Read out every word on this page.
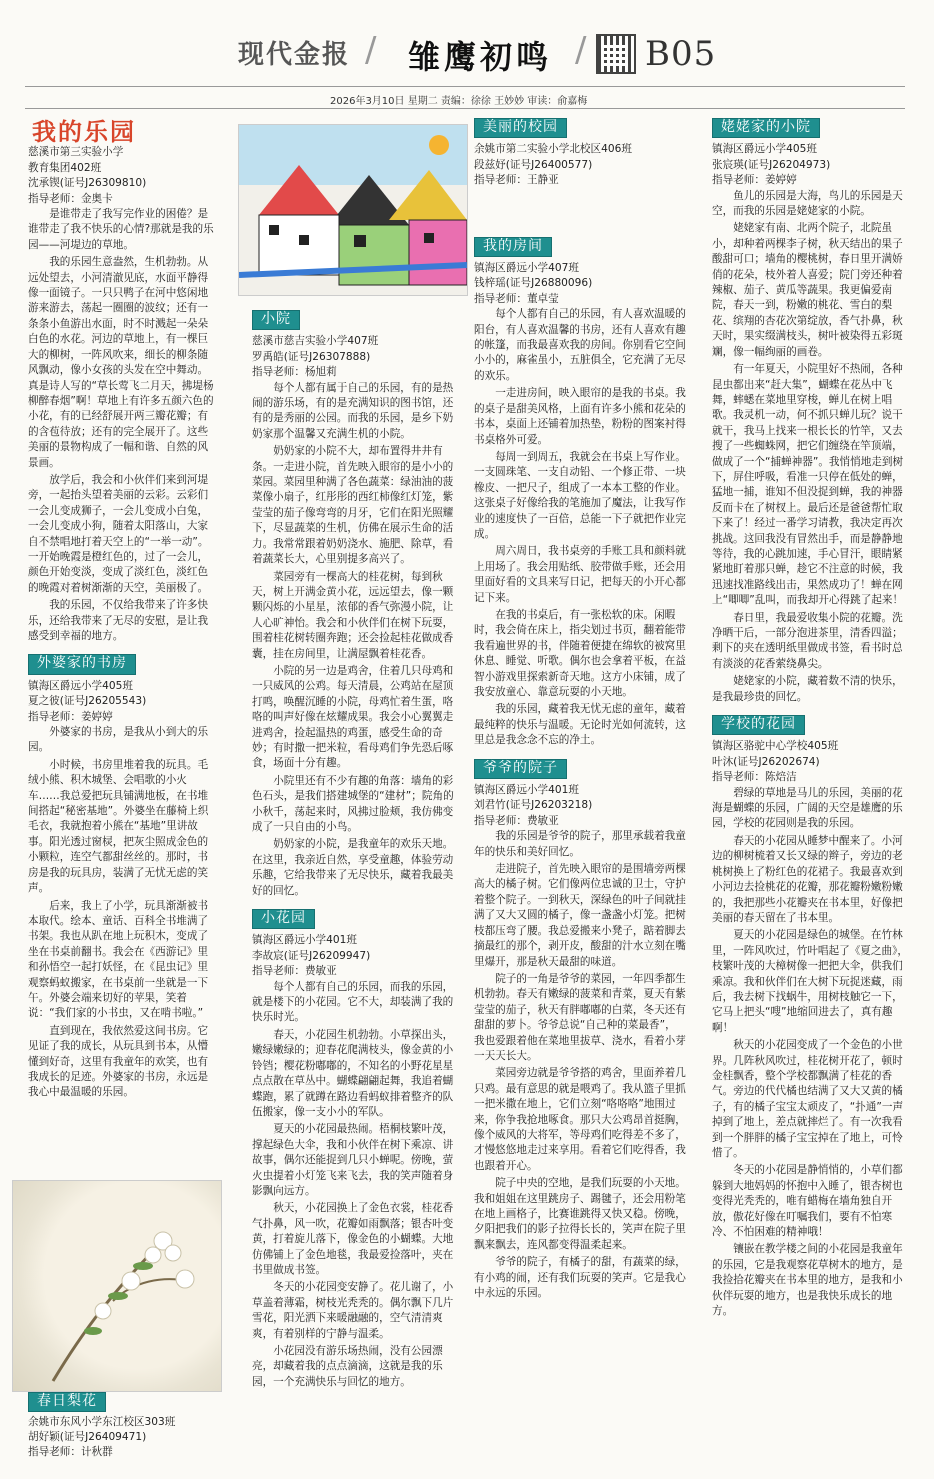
现代金报 / 雏鹰初鸣 / B05
2026年3月10日 星期二 责编：徐徐 王妙妙 审读：俞嘉梅
我的乐园
慈溪市第三实验小学
教育集团402班
沈承锲(证号J26309810)
指导老师：金奥卡

是谁带走了我写完作业的困倦？是谁带走了我不快乐的心情?那就是我的乐园——河堤边的草地。

我的乐园生意盎然，生机勃勃。从远处望去，小河清澈见底，水面平静得像一面镜子。一只只鸭子在河中悠闲地游来游去，荡起一圈圈的波纹；还有一条条小鱼游出水面，时不时溅起一朵朵白色的水花。河边的草地上，有一棵巨大的柳树，一阵风吹来，细长的柳条随风飘动，像小女孩的头发在空中舞动。真是诗人写的“草长莺飞二月天，拂堤杨柳醉春烟”啊！草地上有许多五颜六色的小花，有的已经舒展开两三瓣花瓣；有的含苞待放；还有的完全展开了。这些美丽的景物构成了一幅和谐、自然的风景画。

放学后，我会和小伙伴们来到河堤旁，一起抬头望着美丽的云彩。云彩们一会儿变成狮子，一会儿变成小白兔，一会儿变成小狗，随着太阳落山，大家自不禁唱地打着天空上的“一举一动”。一开始晚霞是橙红色的，过了一会儿，颜色开始变淡，变成了淡红色，淡红色的晚霞对着树渐渐的天空，美丽极了。

我的乐园，不仅给我带来了许多快乐，还给我带来了无尽的安慰，是让我感受到幸福的地方。

外婆家的书房
镇海区爵远小学405班
夏之彼(证号J26205543)
指导老师：姜婷婷

外婆家的书房，是我从小到大的乐园。

小时候，书房里堆着我的玩具。毛绒小熊、积木城堡、会唱歌的小火车……我总爱把玩具铺满地板，在书堆间搭起“秘密基地”。外婆坐在藤椅上织毛衣，我就抱着小熊在“基地”里讲故事。阳光透过窗棂，把灰尘照成金色的小颗粒，连空气都甜丝丝的。那时，书房是我的玩具房，装满了无忧无虑的笑声。

后来，我上了小学，玩具渐渐被书本取代。绘本、童话、百科全书堆满了书架。我也从趴在地上玩积木，变成了坐在书桌前翻书。我会在《西游记》里和孙悟空一起打妖怪，在《昆虫记》里观察蚂蚁搬家，在书桌前一坐就是一下午。外婆会端来切好的苹果，笑着说：“我们家的小书虫，又在啃书啦。”

直到现在，我依然爱这间书房。它见证了我的成长，从玩具到书本，从懵懂到好奇，这里有我童年的欢笑，也有我成长的足迹。外婆家的书房，永远是我心中最温暖的乐园。

春日梨花
余姚市东风小学东江校区303班
胡好颖(证号J26409471)
指导老师：计秋群
小院
慈溪市慈吉实验小学407班
罗禹皓(证号J26307888)
指导老师：杨旭莉

每个人都有属于自己的乐园，有的是热闹的游乐场，有的是充满知识的图书馆，还有的是秀丽的公园。而我的乐园，是乡下奶奶家那个温馨又充满生机的小院。

奶奶家的小院不大，却布置得井井有条。一走进小院，首先映入眼帘的是小小的菜园。菜园里种满了各色蔬菜：绿油油的菠菜像小扇子，红彤彤的西红柿像红灯笼，紫莹莹的茄子像弯弯的月牙，它们在阳光照耀下，尽显蔬菜的生机，仿佛在展示生命的活力。我常常跟着奶奶浇水、施肥、除草，看着蔬菜长大，心里别提多高兴了。

菜园旁有一棵高大的桂花树，每到秋天，树上开满金黄小花，远远望去，像一颗颗闪烁的小星星，浓郁的香气弥漫小院，让人心旷神怡。我会和小伙伴们在树下玩耍，围着桂花树转圈奔跑；还会捡起桂花做成香囊，挂在房间里，让满屋飘着桂花香。

小院的另一边是鸡舍，住着几只母鸡和一只威风的公鸡。每天清晨，公鸡站在屋顶打鸣，唤醒沉睡的小院，母鸡忙着生蛋，咯咯的叫声好像在炫耀成果。我会小心翼翼走进鸡舍，捡起温热的鸡蛋，感受生命的奇妙；有时撒一把米粒，看母鸡们争先恐后啄食，场面十分有趣。

小院里还有不少有趣的角落：墙角的彩色石头，是我们搭建城堡的“建材”；院角的小秋千，荡起来时，风拂过脸颊，我仿佛变成了一只自由的小鸟。

奶奶家的小院，是我童年的欢乐天地。在这里，我亲近自然，享受童趣，体验劳动乐趣，它给我带来了无尽快乐，藏着我最美好的回忆。

小花园
镇海区爵远小学401班
李故宸(证号J26209947)
指导老师：费敏亚

每个人都有自己的乐园，而我的乐园，就是楼下的小花园。它不大，却装满了我的快乐时光。

春天，小花园生机勃勃。小草探出头，嫩绿嫩绿的；迎春花爬满枝头，像金黄的小铃铛；樱花粉嘟嘟的，不知名的小野花星星点点散在草丛中。蝴蝶翩翩起舞，我追着蝴蝶跑，累了就蹲在路边看蚂蚁排着整齐的队伍搬家，像一支小小的军队。

夏天的小花园最热闹。梧桐枝繁叶茂，撑起绿色大伞，我和小伙伴在树下乘凉、讲故事，偶尔还能捉到几只小蝉呢。傍晚，萤火虫提着小灯笼飞来飞去，我的笑声随着身影飘向远方。

秋天，小花园换上了金色衣裳，桂花香气扑鼻，风一吹，花瓣如雨飘落；银杏叶变黄，打着旋儿落下，像金色的小蝴蝶。大地仿佛铺上了金色地毯，我最爱捡落叶，夹在书里做成书签。

冬天的小花园变安静了。花儿谢了，小草盖着薄霜，树枝光秃秃的。偶尔飘下几片雪花，阳光洒下来暖融融的，空气清清爽爽，有着别样的宁静与温柔。

小花园没有游乐场热闹，没有公园漂亮，却藏着我的点点滴滴，这就是我的乐园，一个充满快乐与回忆的地方。

美丽的校园
余姚市第二实验小学北校区406班
段兹妤(证号J26400577)
指导老师：王静亚
我的房间
镇海区爵远小学407班
钱梓瑶(证号J26880096)
指导老师：董卓莹

每个人都有自己的乐园，有人喜欢温暖的阳台，有人喜欢温馨的书房，还有人喜欢有趣的帐篷，而我最喜欢我的房间。你别看它空间小小的，麻雀虽小，五脏俱全，它充满了无尽的欢乐。

一走进房间，映入眼帘的是我的书桌。我的桌子是甜美风格，上面有许多小熊和花朵的书本，桌面上还铺着加热垫，粉粉的图案衬得书桌格外可爱。

每周一到周五，我就会在书桌上写作业。一支圆珠笔、一支自动铅、一个修正带、一块橡皮、一把尺子，组成了一本本工整的作业。这张桌子好像给我的笔施加了魔法，让我写作业的速度快了一百倍，总能一下子就把作业完成。

周六周日，我书桌旁的手账工具和颜料就上用场了。我会用贴纸、胶带做手账，还会用里面好看的文具来写日记，把每天的小开心都记下来。

在我的书桌后，有一张松软的床。闲暇时，我会倚在床上，指尖划过书页，翻着能带我看遍世界的书，伴随着便捷在绵软的被窝里休息、睡觉、听歌。偶尔也会拿着平板，在益智小游戏里探索新奇天地。这方小床铺，成了我安放童心、靠意玩耍的小天地。

我的乐园，藏着我无忧无虑的童年，藏着最纯粹的快乐与温暖。无论时光如何流转，这里总是我念念不忘的净土。

爷爷的院子
镇海区爵远小学401班
刘君竹(证号J26203218)
指导老师：费敏亚

我的乐园是爷爷的院子，那里承载着我童年的快乐和美好回忆。

走进院子，首先映入眼帘的是围墙旁两棵高大的橘子树。它们像两位忠诚的卫士，守护着整个院子。一到秋天，深绿色的叶子间就挂满了又大又圆的橘子，像一盏盏小灯笼。把树枝都压弯了腰。我总爱搬来小凳子，踮着脚去摘最红的那个，剥开皮，酸甜的汁水立刻在嘴里爆开，那是秋天最甜的味道。

院子的一角是爷爷的菜园，一年四季都生机勃勃。春天有嫩绿的菠菜和青菜，夏天有紫莹莹的茄子，秋天有胖嘟嘟的白菜，冬天还有甜甜的萝卜。爷爷总说“自己种的菜最香”，我也爱跟着他在菜地里拔草、浇水，看着小芽一天天长大。

菜园旁边就是爷爷搭的鸡舍，里面养着几只鸡。最有意思的就是喂鸡了。我从篮子里抓一把米撒在地上，它们立刻“咯咯咯”地围过来，你争我抢地啄食。那只大公鸡昂首挺胸，像个威风的大将军，等母鸡们吃得差不多了，才慢悠悠地走过来享用。看着它们吃得香，我也跟着开心。

院子中央的空地，是我们玩耍的小天地。我和姐姐在这里跳房子、踢毽子，还会用粉笔在地上画格子，比赛谁跳得又快又稳。傍晚，夕阳把我们的影子拉得长长的，笑声在院子里飘来飘去，连风都变得温柔起来。

爷爷的院子，有橘子的甜，有蔬菜的绿，有小鸡的闹，还有我们玩耍的笑声。它是我心中永远的乐园。

姥姥家的小院
镇海区爵远小学405班
张宸瑛(证号J26204973)
指导老师：姜婷婷

鱼儿的乐园是大海，鸟儿的乐园是天空，而我的乐园是姥姥家的小院。

姥姥家有南、北两个院子，北院虽小，却种着两棵李子树，秋天结出的果子酸甜可口；墙角的樱桃树，春日里开满娇俏的花朵，枝外着人喜爱；院门旁还种着辣椒、茄子、黄瓜等蔬果。我更偏爱南院，春天一到，粉嫩的桃花、雪白的梨花、缤翔的杏花次第绽放，香气扑鼻，秋天时，果实缀满枝头，树叶被染得五彩斑斓，像一幅绚丽的画卷。

有一年夏天，小院里好不热闹，各种昆虫都出来“赶大集”，蝴蝶在花丛中飞舞，蟀蟋在菜地里穿梭，蝉儿在树上唱歌。我灵机一动，何不抓只蝉儿玩？说干就干，我马上找来一根长长的竹竿，又去搜了一些蜘蛛网，把它们缠绕在竿顶端，做成了一个“捕蝉神器”。我悄悄地走到树下，屏住呼吸，看准一只停在低处的蝉，猛地一捕，谁知不但没捉到蝉，我的神器反而卡在了树杈上。最后还是爸爸帮忙取下来了！经过一番学习请教，我决定再次挑战。这回我没有冒然出手，而是静静地等待，我的心跳加速，手心冒汗，眼睛紧紧地盯着那只蝉，趁它不注意的时候，我迅速找准路线出击，果然成功了！蝉在网上“唧唧”乱叫，而我却开心得跳了起来！

春日里，我最爱收集小院的花瓣。洗净晒干后，一部分泡进茶里，清香四溢；剩下的夹在透明纸里做成书签，看书时总有淡淡的花香萦绕鼻尖。

姥姥家的小院，藏着数不清的快乐，是我最珍贵的回忆。

学校的花园
镇海区骆驼中心学校405班
叶沐(证号J26202674)
指导老师：陈焙洁

碧绿的草地是马儿的乐园，美丽的花海是蝴蝶的乐园，广阔的天空是雄鹰的乐园，学校的花园则是我的乐园。

春天的小花园从睡梦中醒来了。小河边的柳树梳着又长又绿的辫子，旁边的老桃树换上了粉红色的花裙子。我最喜欢到小河边去捡桃花的花瓣，那花瓣粉嫩粉嫩的，我把那些小花瓣夹在书本里，好像把美丽的春天留在了书本里。

夏天的小花园是绿色的城堡。在竹林里，一阵风吹过，竹叶唱起了《夏之曲》，枝繁叶茂的大樟树像一把把大伞，供我们乘凉。我和伙伴们在大树下玩捉迷藏，雨后，我去树下找蜗牛，用树枝触它一下，它马上把头“嗖”地缩回进去了，真有趣啊！

秋天的小花园变成了一个金色的小世界。几阵秋风吹过，桂花树开花了，顿时金桂飘香，整个学校都飘满了桂花的香气。旁边的代代橘也结满了又大又黄的橘子，有的橘子宝宝太顽皮了，“扑通”一声掉到了地上，差点就摔烂了。有一次我看到一个胖胖的橘子宝宝掉在了地上，可怜惜了。

冬天的小花园是静悄悄的，小草们都躲到大地妈妈的怀抱中入睡了，银杏树也变得光秃秃的，唯有蜡梅在墙角独自开放，傲花好像在叮嘱我们，要有不怕寒冷、不怕困难的精神哦！

镶嵌在教学楼之间的小花园是我童年的乐园，它是我观察花草树木的地方，是我捡拾花瓣夹在书本里的地方，是我和小伙伴玩耍的地方，也是我快乐成长的地方。
